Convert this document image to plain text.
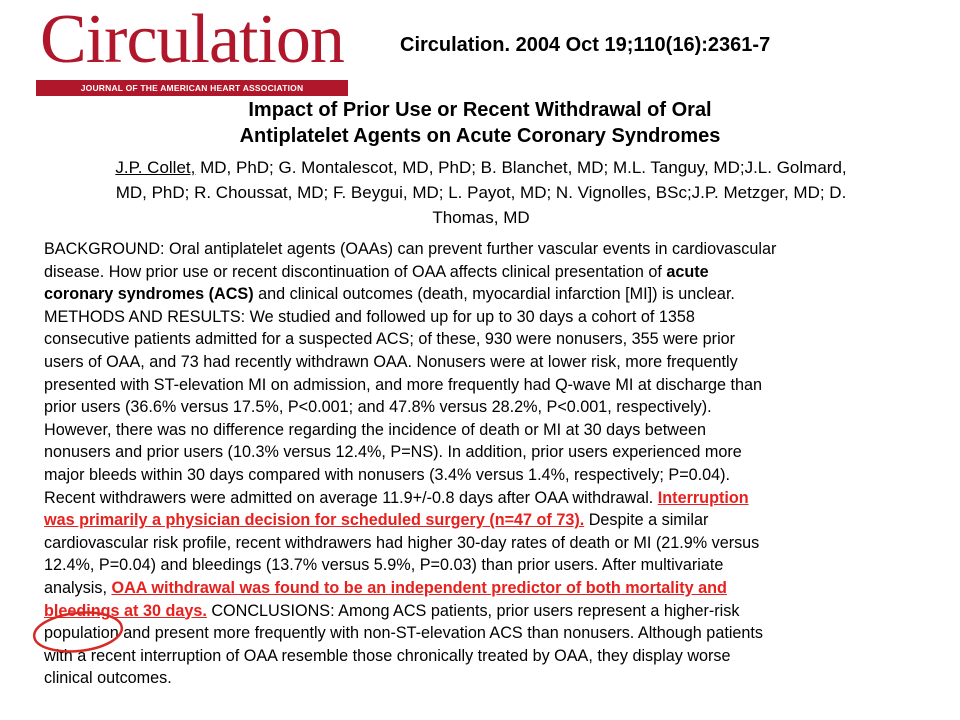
Circulation
JOURNAL OF THE AMERICAN HEART ASSOCIATION
Circulation. 2004 Oct 19;110(16):2361-7
Impact of Prior Use or Recent Withdrawal of Oral
Antiplatelet Agents on Acute Coronary Syndromes
J.P. Collet, MD, PhD; G. Montalescot, MD, PhD; B. Blanchet, MD; M.L. Tanguy, MD;J.L. Golmard,
MD, PhD; R. Choussat, MD; F. Beygui, MD; L. Payot, MD; N. Vignolles, BSc;J.P. Metzger, MD; D.
Thomas, MD
BACKGROUND: Oral antiplatelet agents (OAAs) can prevent further vascular events in cardiovascular
disease. How prior use or recent discontinuation of OAA affects clinical presentation of acute
coronary syndromes (ACS) and clinical outcomes (death, myocardial infarction [MI]) is unclear.
METHODS AND RESULTS: We studied and followed up for up to 30 days a cohort of 1358
consecutive patients admitted for a suspected ACS; of these, 930 were nonusers, 355 were prior
users of OAA, and 73 had recently withdrawn OAA. Nonusers were at lower risk, more frequently
presented with ST-elevation MI on admission, and more frequently had Q-wave MI at discharge than
prior users (36.6% versus 17.5%, P<0.001; and 47.8% versus 28.2%, P<0.001, respectively).
However, there was no difference regarding the incidence of death or MI at 30 days between
nonusers and prior users (10.3% versus 12.4%, P=NS). In addition, prior users experienced more
major bleeds within 30 days compared with nonusers (3.4% versus 1.4%, respectively; P=0.04).
Recent withdrawers were admitted on average 11.9+/-0.8 days after OAA withdrawal. Interruption
was primarily a physician decision for scheduled surgery (n=47 of 73). Despite a similar
cardiovascular risk profile, recent withdrawers had higher 30-day rates of death or MI (21.9% versus
12.4%, P=0.04) and bleedings (13.7% versus 5.9%, P=0.03) than prior users. After multivariate
analysis, OAA withdrawal was found to be an independent predictor of both mortality and
bleedings at 30 days. CONCLUSIONS: Among ACS patients, prior users represent a higher-risk
population and present more frequently with non-ST-elevation ACS than nonusers. Although patients
with a recent interruption of OAA resemble those chronically treated by OAA, they display worse
clinical outcomes.
